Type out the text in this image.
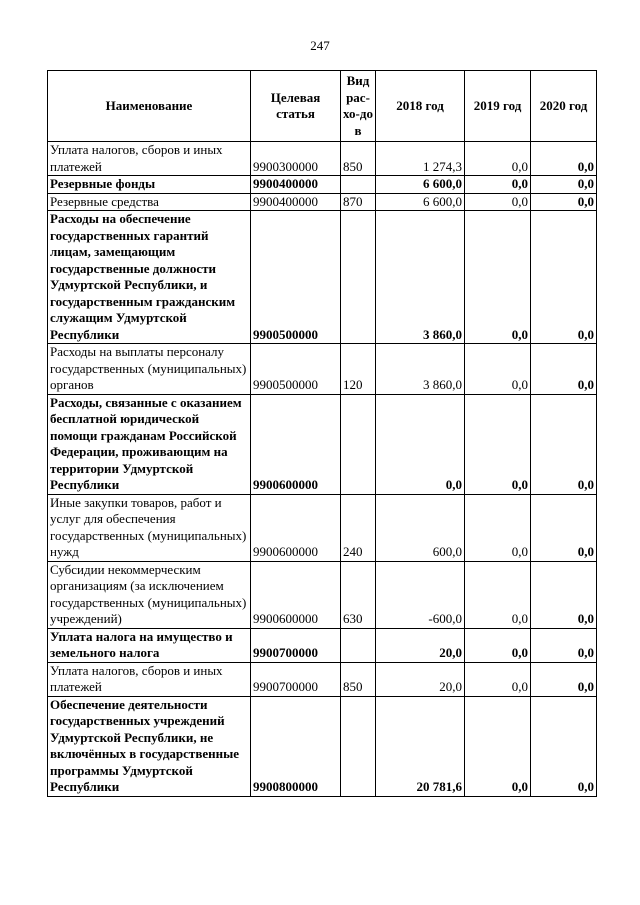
247
Наименование	Целевая статья	Вид рас-хо-дов	2018 год	2019 год	2020 год
Уплата налогов, сборов и иных платежей	9900300000	850	1 274,3	0,0	0,0
Резервные фонды	9900400000		6 600,0	0,0	0,0
Резервные средства	9900400000	870	6 600,0	0,0	0,0
Расходы на обеспечение государственных гарантий лицам, замещающим государственные должности Удмуртской Республики, и государственным гражданским служащим Удмуртской Республики	9900500000		3 860,0	0,0	0,0
Расходы на выплаты персоналу государственных (муниципальных) органов	9900500000	120	3 860,0	0,0	0,0
Расходы, связанные с оказанием бесплатной юридической помощи гражданам Российской Федерации, проживающим на территории Удмуртской Республики	9900600000		0,0	0,0	0,0
Иные закупки товаров, работ и услуг для обеспечения государственных (муниципальных) нужд	9900600000	240	600,0	0,0	0,0
Субсидии некоммерческим организациям (за исключением государственных (муниципальных) учреждений)	9900600000	630	-600,0	0,0	0,0
Уплата налога на имущество и земельного налога	9900700000		20,0	0,0	0,0
Уплата налогов, сборов и иных платежей	9900700000	850	20,0	0,0	0,0
Обеспечение деятельности государственных учреждений Удмуртской Республики, не включённых в государственные программы Удмуртской Республики	9900800000		20 781,6	0,0	0,0
